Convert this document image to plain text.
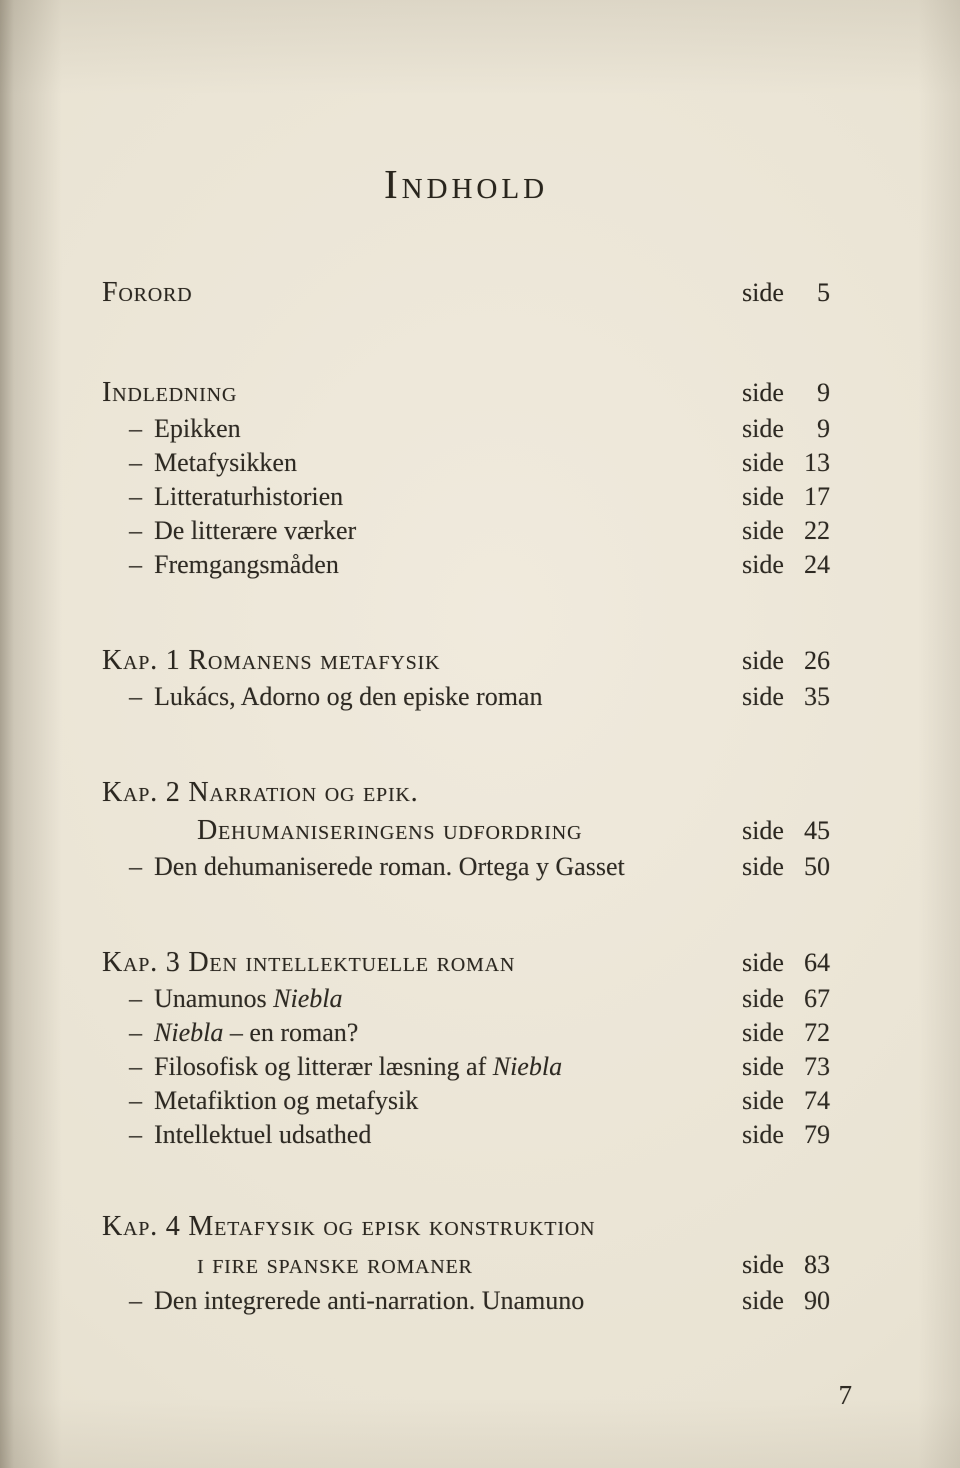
Indhold
Forord	side	5
Indledning	side	9
– Epikken	side	9
– Metafysikken	side 13
– Litteraturhistorien	side 17
– De litterære værker	side 22
– Fremgangsmåden	side 24
Kap. 1 Romanens metafysik	side 26
– Lukács, Adorno og den episke roman	side 35
Kap. 2 Narration og epik.
Dehumaniseringens udfordring	side 45
– Den dehumaniserede roman. Ortega y Gasset	side 50
Kap. 3 Den intellektuelle roman	side 64
– Unamunos Niebla	side 67
– Niebla – en roman?	side 72
– Filosofisk og litterær læsning af Niebla	side 73
– Metafiktion og metafysik	side 74
– Intellektuel udsathed	side 79
Kap. 4 Metafysik og episk konstruktion
i fire spanske romaner	side 83
– Den integrerede anti-narration. Unamuno	side 90
7
